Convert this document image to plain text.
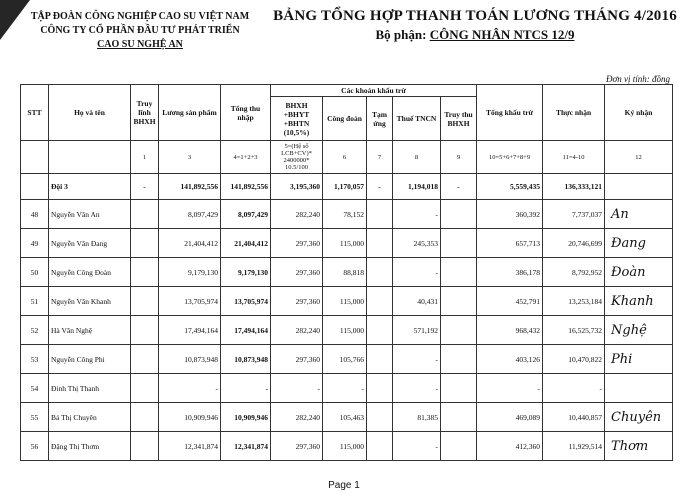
TẬP ĐOÀN CÔNG NGHIỆP CAO SU VIỆT NAM
CÔNG TY CỔ PHẦN ĐẦU TƯ PHÁT TRIỂN
CAO SU NGHỆ AN
BẢNG TỔNG HỢP THANH TOÁN LƯƠNG THÁNG 4/2016
Bộ phận: CÔNG NHÂN NTCS 12/9
Đơn vị tính: đồng
STT	Họ và tên	Truy lĩnh BHXH	Lương sản phẩm	Tổng thu nhập	Các khoản khấu trừ					Tổng khấu trừ	Thực nhận	Ký nhận
					BHXH +BHYT +BHTN (10,5%)	Công đoàn	Tạm ứng	Thuế TNCN	Truy thu BHXH			
		1	3	4=1+2+3	5=(Hệ số LCB+CV)* 2400000* 10.5/100	6	7	8	9	10=5+6+7+8+9	11=4-10	12
	Đội 3	-	141,892,556	141,892,556	3,195,360	1,170,057	-	1,194,018	-	5,559,435	136,333,121	
48	Nguyễn Văn An		8,097,429	8,097,429	282,240	78,152		-		360,392	7,737,037	An
49	Nguyễn Văn Đang		21,404,412	21,404,412	297,360	115,000		245,353		657,713	20,746,699	Đang
50	Nguyễn Công Đoàn		9,179,130	9,179,130	297,360	88,818		-		386,178	8,792,952	Đoàn
51	Nguyễn Văn Khanh		13,705,974	13,705,974	297,360	115,000		40,431		452,791	13,253,184	Khanh
52	Hà Văn Nghệ		17,494,164	17,494,164	282,240	115,000		571,192		968,432	16,525,732	Nghệ
53	Nguyễn Công Phi		10,873,948	10,873,948	297,360	105,766		-		403,126	10,470,822	Phi
54	Đinh Thị Thanh		-	-	-	-		-		-	-	
55	Bá Thị Chuyên		10,909,946	10,909,946	282,240	105,463		81,385		469,089	10,440,857	Chuyên
56	Đặng Thị Thơm		12,341,874	12,341,874	297,360	115,000		-		412,360	11,929,514	Thơm
Page 1
